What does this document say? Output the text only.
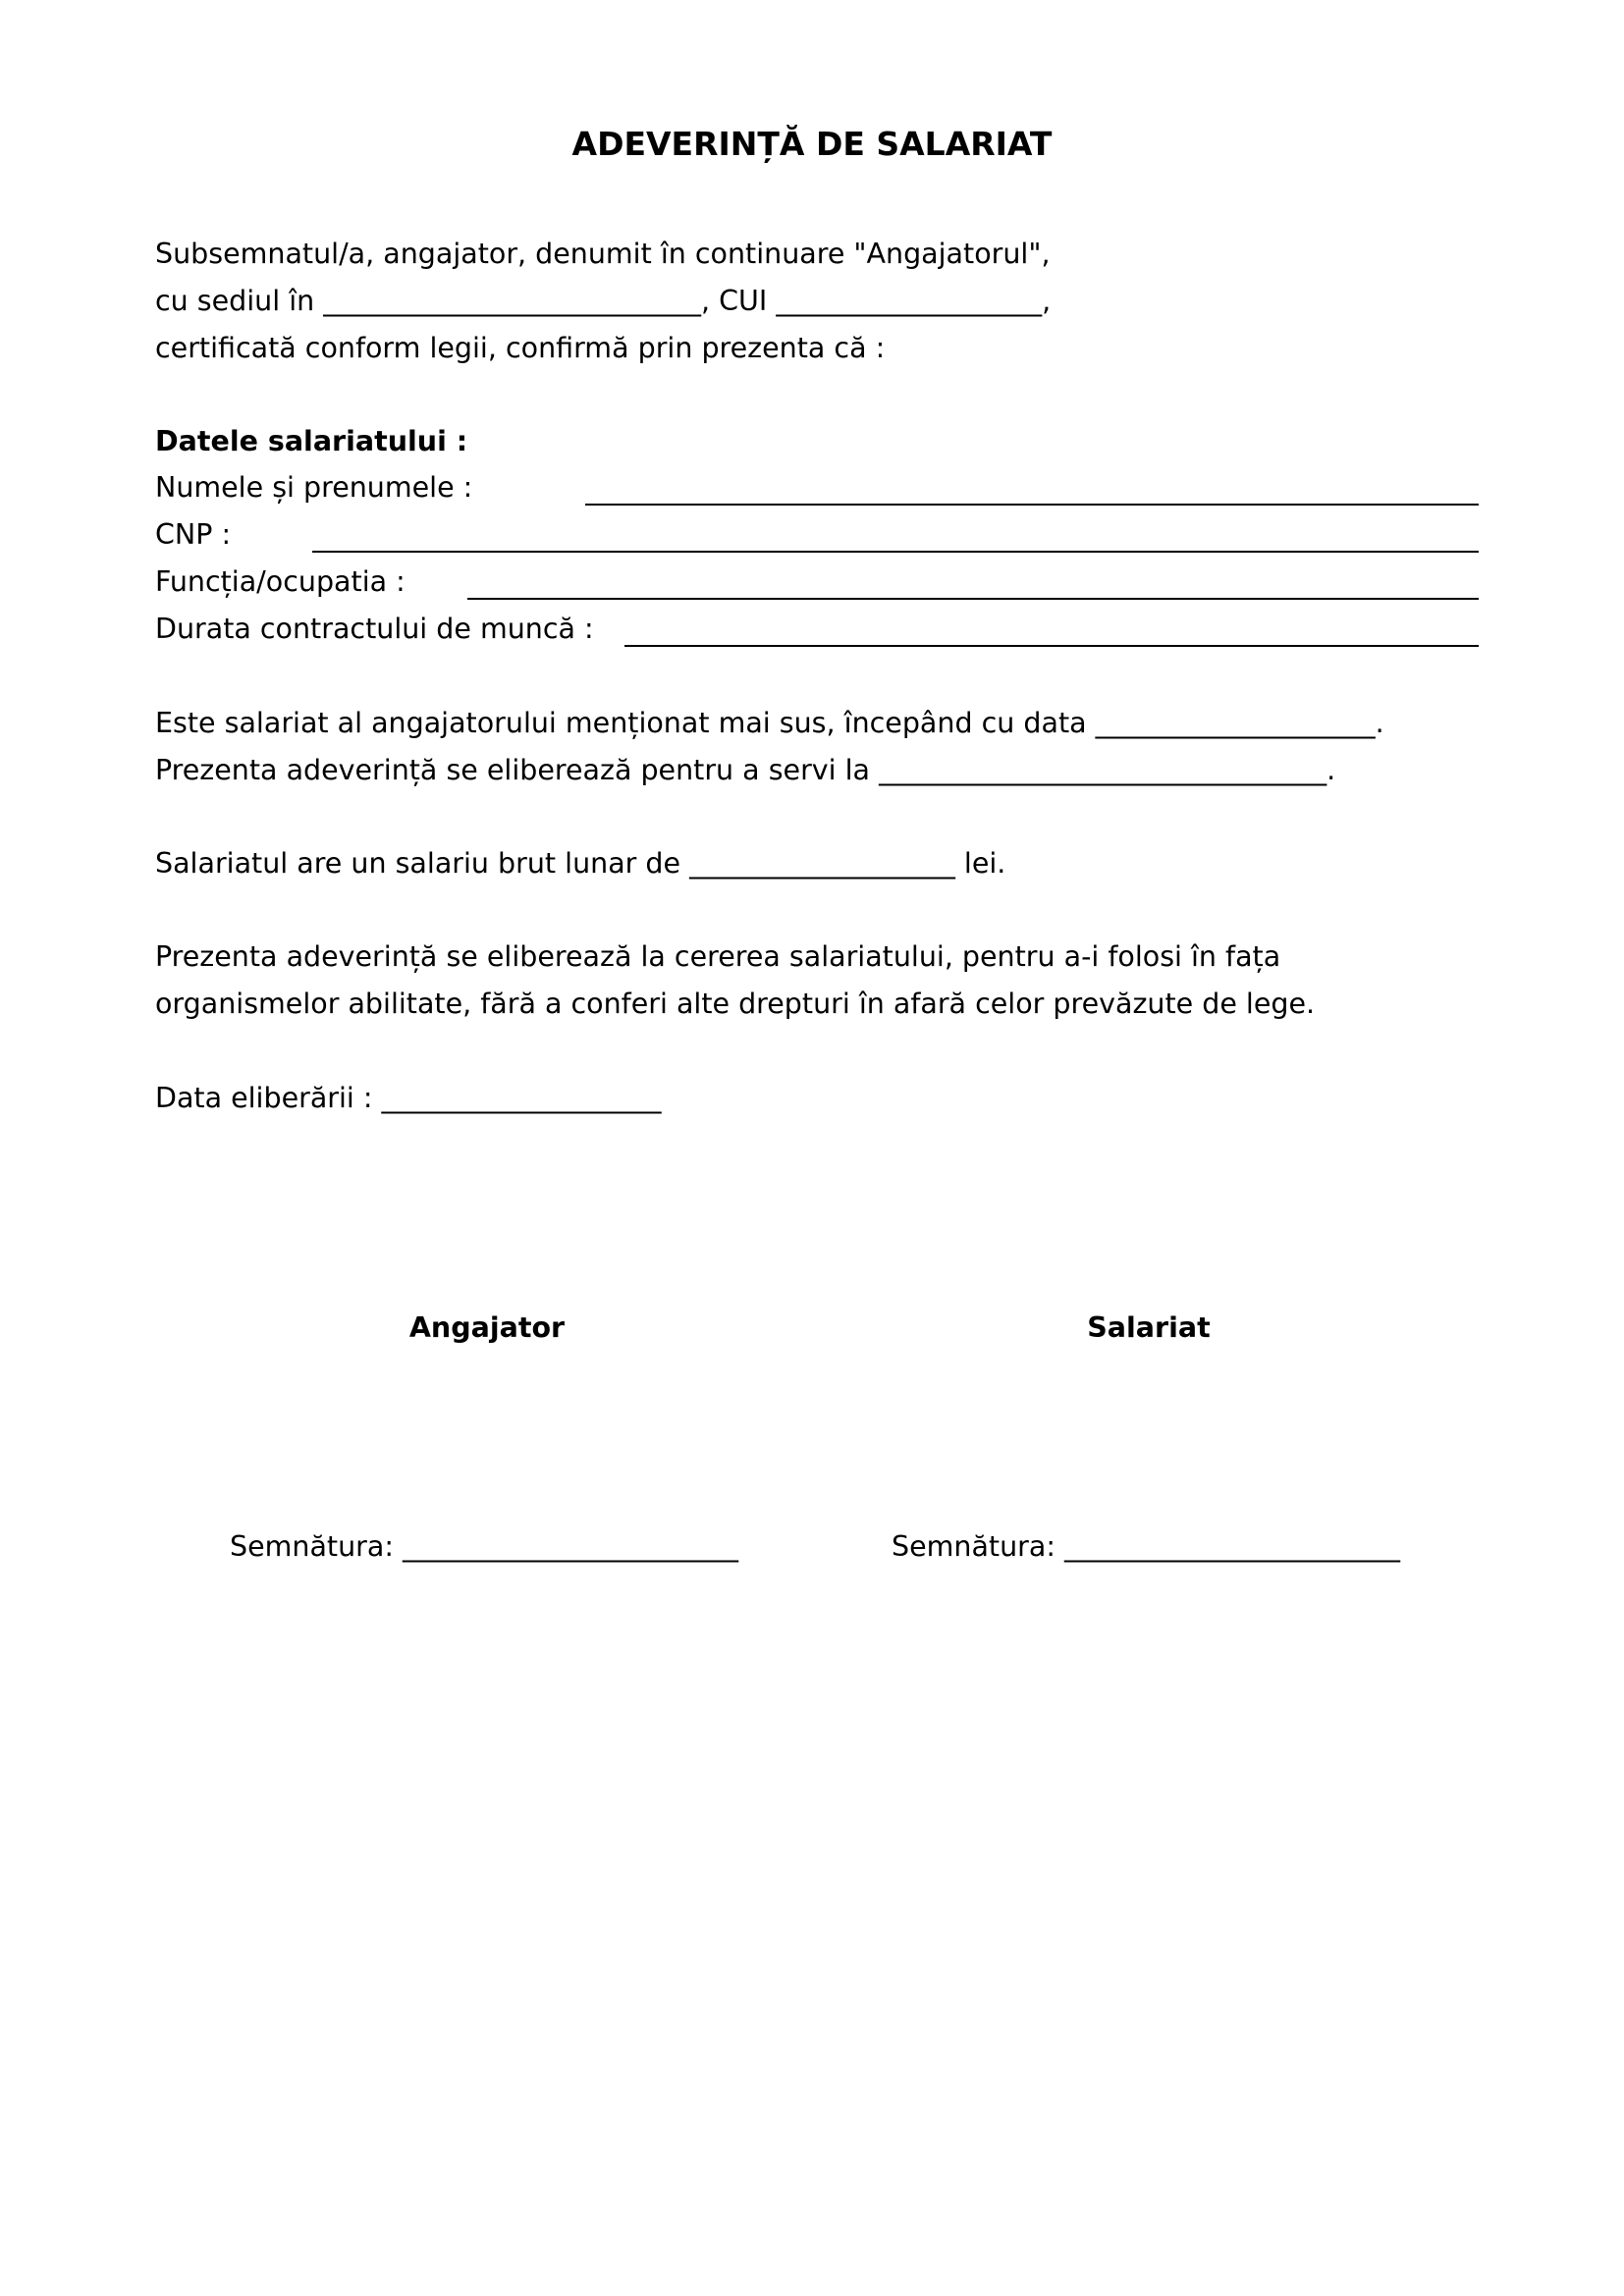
ADEVERINȚĂ DE SALARIAT
Subsemnatul/a, angajator, denumit în continuare "Angajatorul",
cu sediul în ___________________________, CUI ___________________,
certificată conform legii, confirmă prin prezenta că :
Datele salariatului :
Numele și prenumele :
CNP :
Funcția/ocupatia :
Durata contractului de muncă :
Este salariat al angajatorului menționat mai sus, începând cu data ____________________.
Prezenta adeverință se eliberează pentru a servi la ________________________________.
Salariatul are un salariu brut lunar de ___________________ lei.
Prezenta adeverință se eliberează la cererea salariatului, pentru a-i folosi în fața
organismelor abilitate, fără a conferi alte drepturi în afară celor prevăzute de lege.
Data eliberării : ____________________
Angajator	Salariat
Semnătura: ________________________	Semnătura: ________________________
